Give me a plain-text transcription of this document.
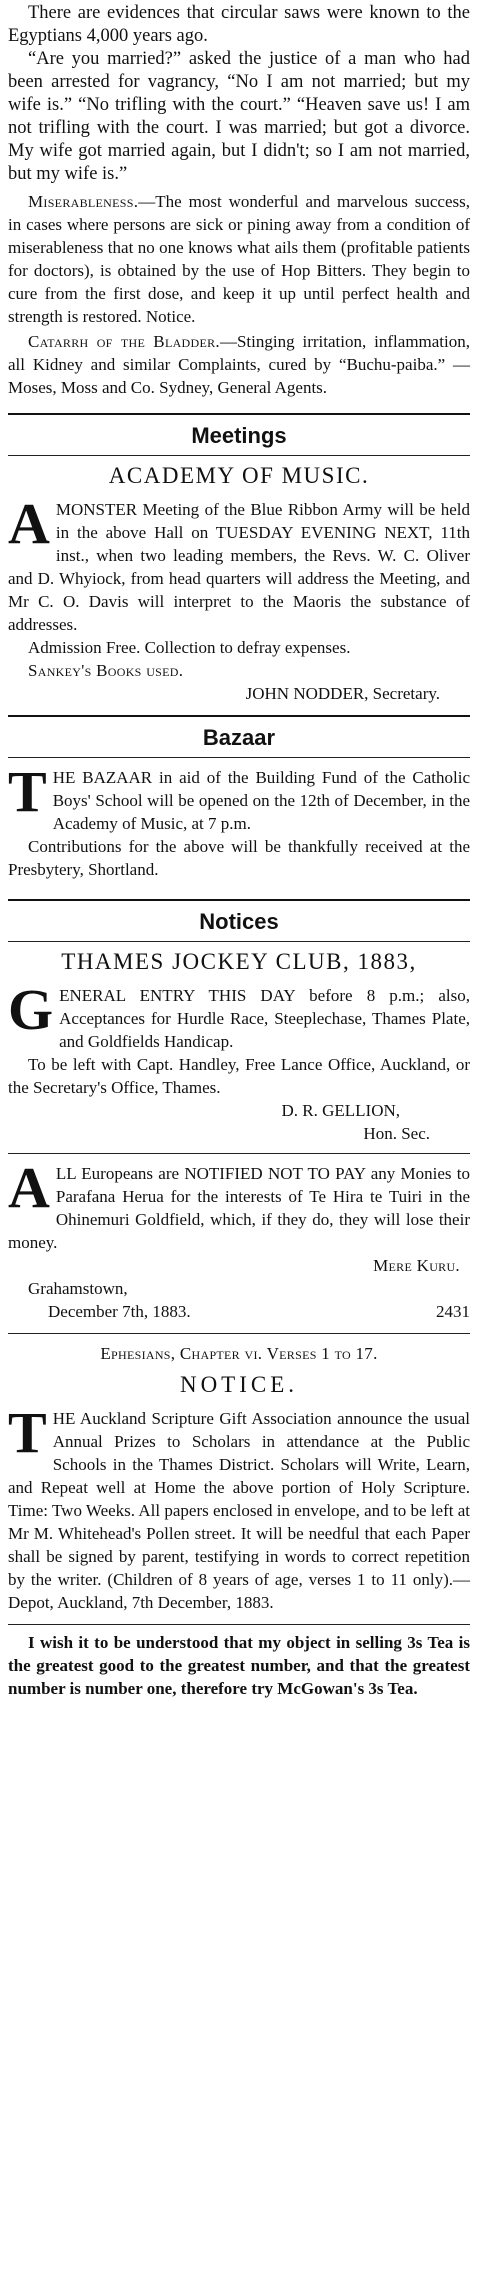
There are evidences that circular saws were known to the Egyptians 4,000 years ago.

“Are you married?” asked the justice of a man who had been arrested for vagrancy, “No I am not married; but my wife is.” “No trifling with the court.” “Heaven save us! I am not trifling with the court. I was married; but got a divorce. My wife got married again, but I didn't; so I am not married, but my wife is.”

Miserableness.—The most wonderful and marvelous success, in cases where persons are sick or pining away from a condition of miserableness that no one knows what ails them (profitable patients for doctors), is obtained by the use of Hop Bitters. They begin to cure from the first dose, and keep it up until perfect health and strength is restored. Notice.

Catarrh of the Bladder.—Stinging irritation, inflammation, all Kidney and similar Complaints, cured by “Buchu-paiba.” —Moses, Moss and Co. Sydney, General Agents.

Meetings
ACADEMY OF MUSIC.

AMONSTER Meeting of the Blue Ribbon Army will be held in the above Hall on TUESDAY EVENING NEXT, 11th inst., when two leading members, the Revs. W. C. Oliver and D. Whyiock, from head quarters will address the Meeting, and Mr C. O. Davis will interpret to the Maoris the substance of addresses.

Admission Free. Collection to defray expenses.

Sankey's Books used.

JOHN NODDER, Secretary.

Bazaar

THE BAZAAR in aid of the Building Fund of the Catholic Boys' School will be opened on the 12th of December, in the Academy of Music, at 7 p.m.

Contributions for the above will be thankfully received at the Presbytery, Shortland.

Notices
THAMES JOCKEY CLUB, 1883,

GENERAL ENTRY THIS DAY before 8 p.m.; also, Acceptances for Hurdle Race, Steeplechase, Thames Plate, and Goldfields Handicap.

To be left with Capt. Handley, Free Lance Office, Auckland, or the Secretary's Office, Thames.

D. R. GELLION,

Hon. Sec.

ALL Europeans are NOTIFIED NOT TO PAY any Monies to Parafana Herua for the interests of Te Hira te Tuiri in the Ohinemuri Goldfield, which, if they do, they will lose their money.

Mere Kuru.

Grahamstown,

December 7th, 1883.	2431

Ephesians, Chapter vi. Verses 1 to 17.

NOTICE.

THE Auckland Scripture Gift Association announce the usual Annual Prizes to Scholars in attendance at the Public Schools in the Thames District. Scholars will Write, Learn, and Repeat well at Home the above portion of Holy Scripture. Time: Two Weeks. All papers enclosed in envelope, and to be left at Mr M. Whitehead's Pollen street. It will be needful that each Paper shall be signed by parent, testifying in words to correct repetition by the writer. (Children of 8 years of age, verses 1 to 11 only).—Depot, Auckland, 7th December, 1883.

I wish it to be understood that my object in selling 3s Tea is the greatest good to the greatest number, and that the greatest number is number one, therefore try McGowan's 3s Tea.
